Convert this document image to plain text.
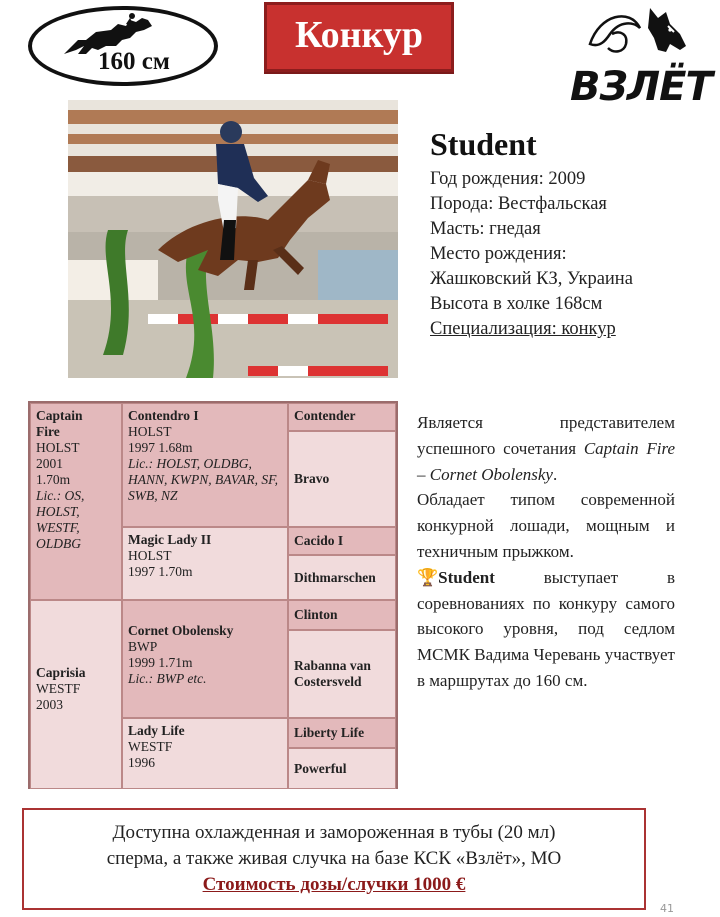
160 см
Конкур
ВЗЛЁТ
Student
Год рождения: 2009
Порода: Вестфальская
Масть: гнедая
Место рождения:
Жашковский КЗ, Украина
Высота в холке 168см
Специализация: конкур
Captain
Fire
HOLST
2001
1.70m
Lic.: OS, HOLST, WESTF, OLDBG
Contendro I
HOLST
1997 1.68m
Lic.: HOLST, OLDBG, HANN, KWPN, BAVAR, SF, SWB, NZ
Magic Lady II
HOLST
1997 1.70m
Caprisia
WESTF
2003
Cornet Obolensky
BWP
1999 1.71m
Lic.: BWP etc.
Lady Life
WESTF
1996
Contender
Bravo
Cacido I
Dithmarschen
Clinton
Rabanna van Costersveld
Liberty Life
Powerful

Является представителем успешного сочетания Captain Fire – Cornet Obolensky.

Обладает типом современной конкурной лошади, мощным и техничным прыжком.

🏆Student	выступает в соревнованиях по конкуру самого высокого уровня, под седлом МСМК Вадима Черевань участвует в маршрутах до 160 см.

Доступна охлажденная и замороженная в тубы (20 мл)
сперма, а также живая случка на базе КСК «Взлёт», МО
Стоимость дозы/случки 1000 €
41
